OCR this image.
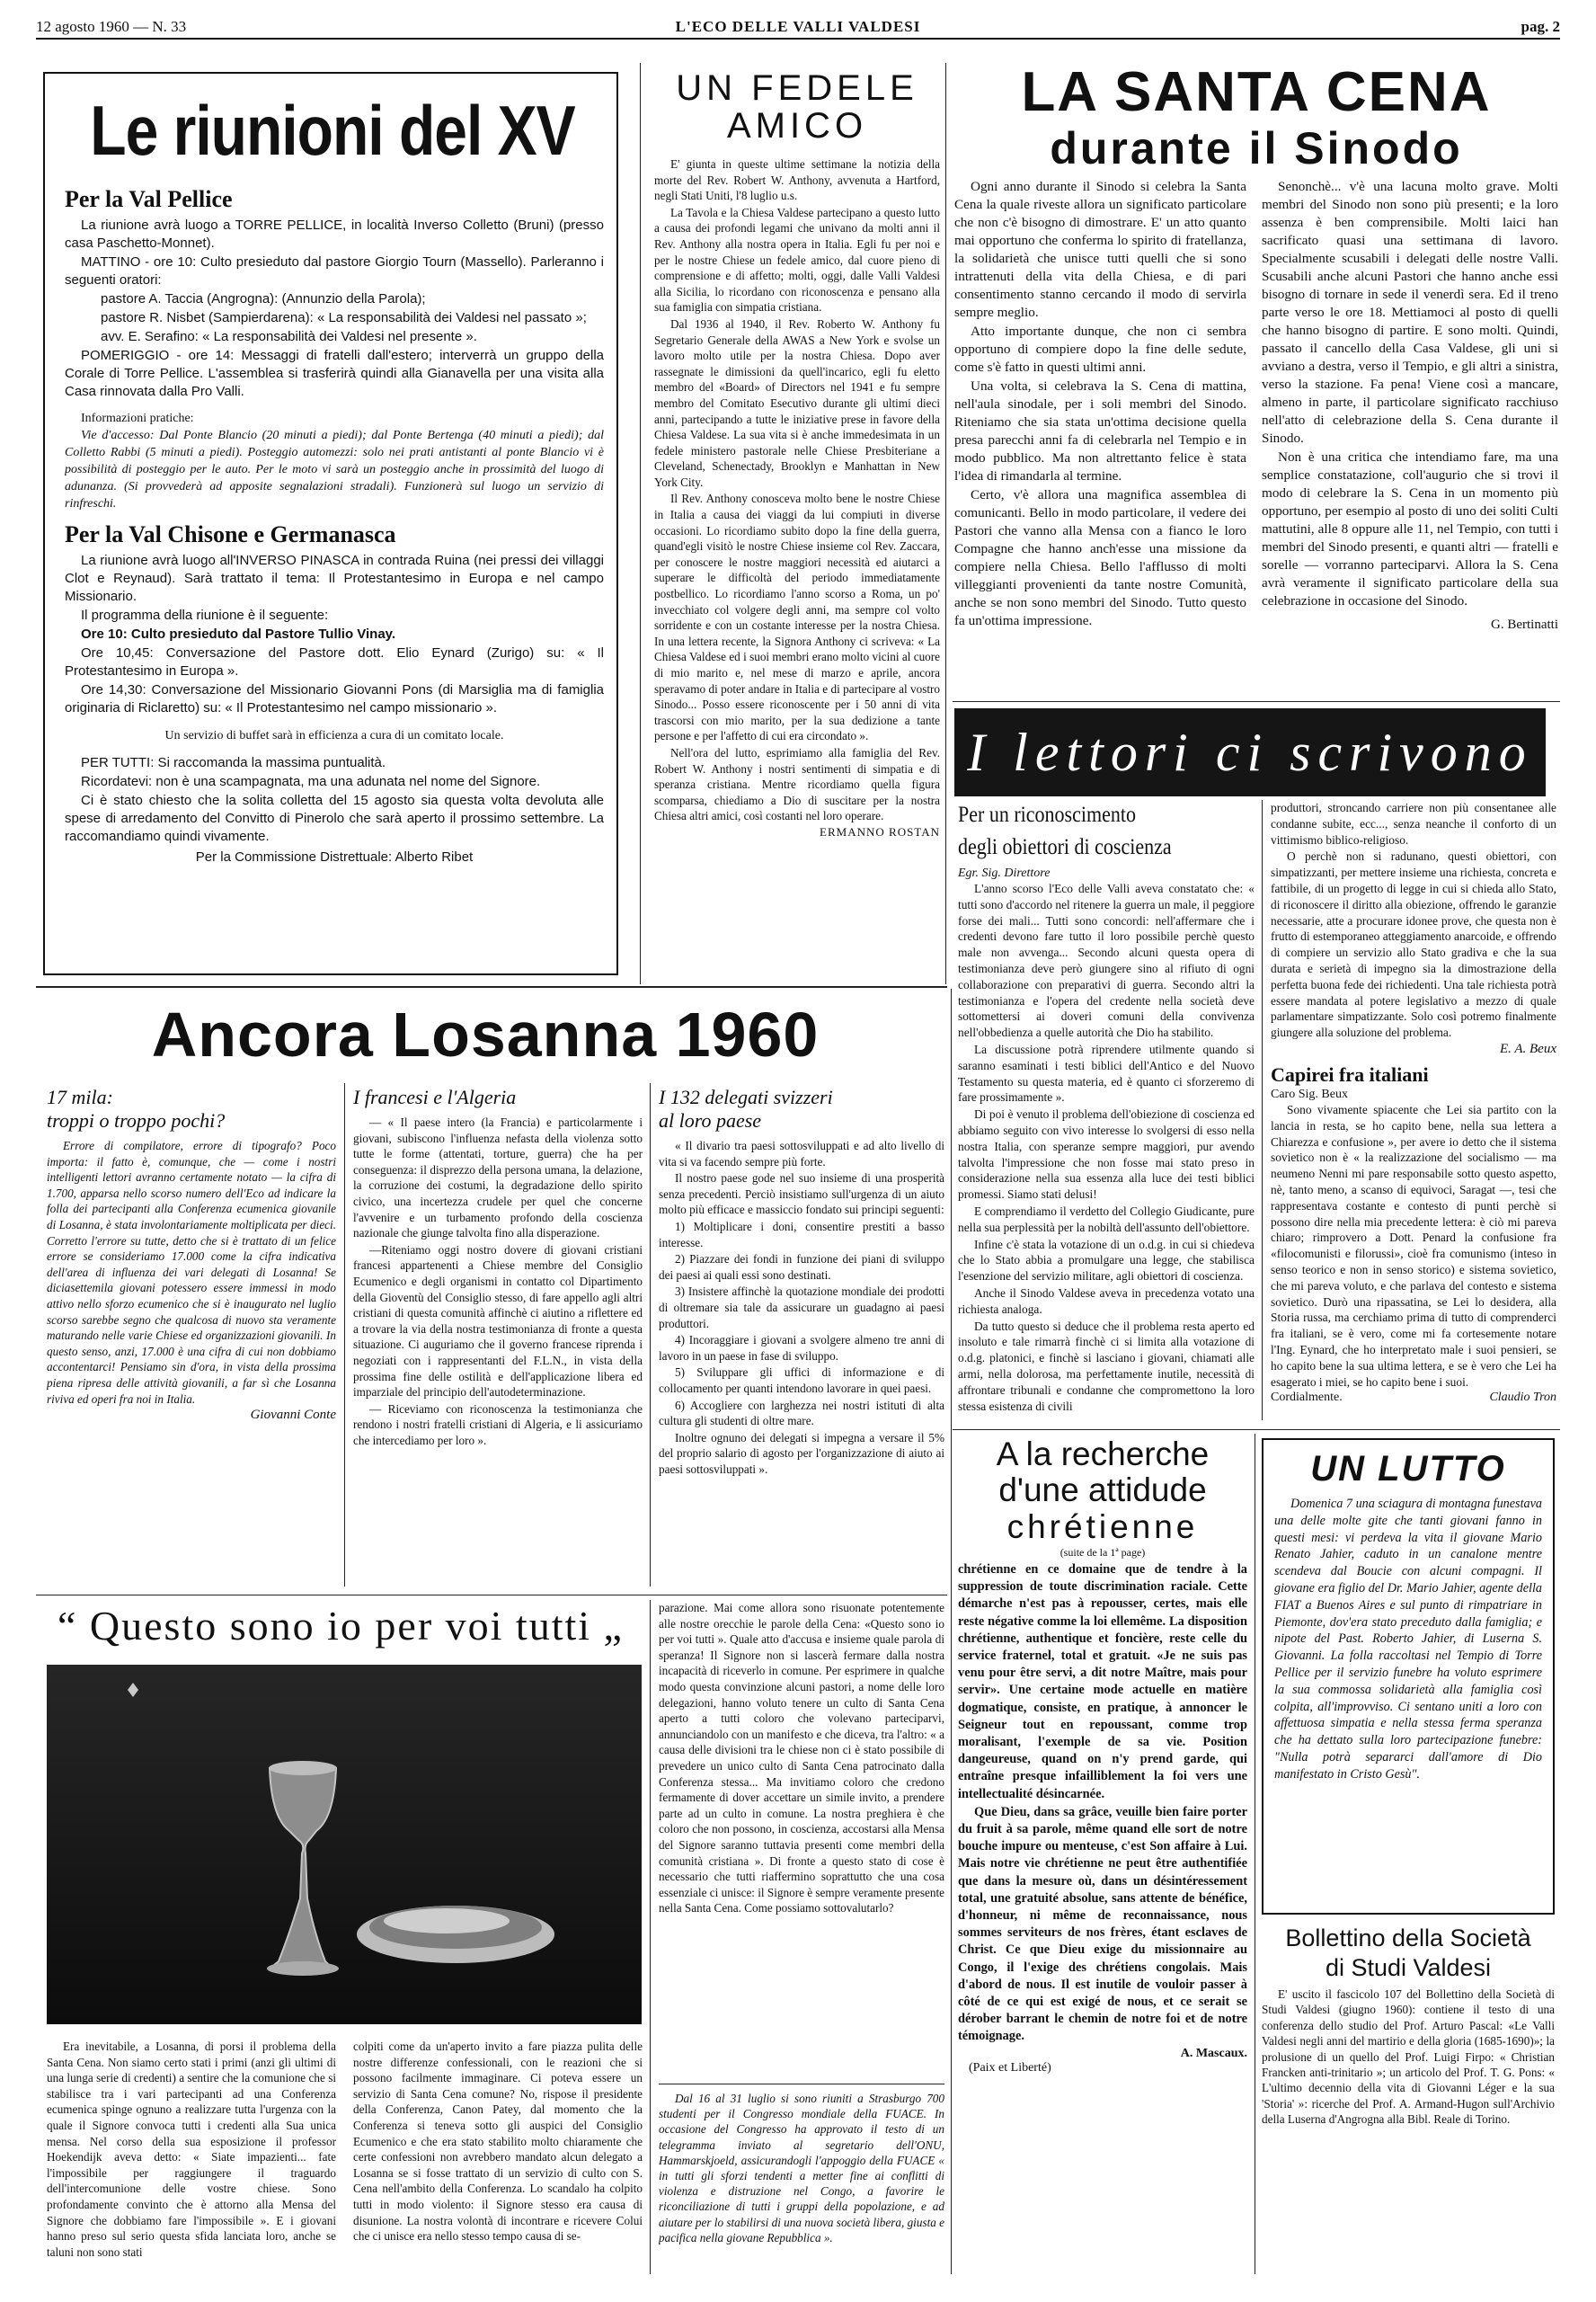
12 agosto 1960 — N. 33	L'ECO DELLE VALLI VALDESI	pag. 2
Le riunioni del XV
Per la Val Pellice

La riunione avrà luogo a TORRE PELLICE, in località Inverso Colletto (Bruni) (presso casa Paschetto-Monnet).

MATTINO - ore 10: Culto presieduto dal pastore Giorgio Tourn (Massello). Parleranno i seguenti oratori:

pastore A. Taccia (Angrogna): (Annunzio della Parola);

pastore R. Nisbet (Sampierdarena): « La responsabilità dei Valdesi nel passato »;

avv. E. Serafino: « La responsabilità dei Valdesi nel presente ».

POMERIGGIO - ore 14: Messaggi di fratelli dall'estero; interverrà un gruppo della Corale di Torre Pellice. L'assemblea si trasferirà quindi alla Gianavella per una visita alla Casa rinnovata dalla Pro Valli.

Informazioni pratiche:

Vie d'accesso: Dal Ponte Blancio (20 minuti a piedi); dal Ponte Bertenga (40 minuti a piedi); dal Colletto Rabbi (5 minuti a piedi). Posteggio automezzi: solo nei prati antistanti al ponte Blancio vi è possibilità di posteggio per le auto. Per le moto vi sarà un posteggio anche in prossimità del luogo di adunanza. (Si provvederà ad apposite segnalazioni stradali). Funzionerà sul luogo un servizio di rinfreschi.

Per la Val Chisone e Germanasca

La riunione avrà luogo all'INVERSO PINASCA in contrada Ruina (nei pressi dei villaggi Clot e Reynaud). Sarà trattato il tema: Il Protestantesimo in Europa e nel campo Missionario.

Il programma della riunione è il seguente:

Ore 10: Culto presieduto dal Pastore Tullio Vinay.

Ore 10,45: Conversazione del Pastore dott. Elio Eynard (Zurigo) su: « Il Protestantesimo in Europa ».

Ore 14,30: Conversazione del Missionario Giovanni Pons (di Marsiglia ma di famiglia originaria di Riclaretto) su: « Il Protestantesimo nel campo missionario ».

Un servizio di buffet sarà in efficienza a cura di un comitato locale.

PER TUTTI: Si raccomanda la massima puntualità.

Ricordatevi: non è una scampagnata, ma una adunata nel nome del Signore.

Ci è stato chiesto che la solita colletta del 15 agosto sia questa volta devoluta alle spese di arredamento del Convitto di Pinerolo che sarà aperto il prossimo settembre. La raccomandiamo quindi vivamente.

Per la Commissione Distrettuale: Alberto Ribet
UN FEDELE
AMICO

E' giunta in queste ultime settimane la notizia della morte del Rev. Robert W. Anthony, avvenuta a Hartford, negli Stati Uniti, l'8 luglio u.s.

La Tavola e la Chiesa Valdese partecipano a questo lutto a causa dei profondi legami che univano da molti anni il Rev. Anthony alla nostra opera in Italia. Egli fu per noi e per le nostre Chiese un fedele amico, dal cuore pieno di comprensione e di affetto; molti, oggi, dalle Valli Valdesi alla Sicilia, lo ricordano con riconoscenza e pensano alla sua famiglia con simpatia cristiana.

Dal 1936 al 1940, il Rev. Roberto W. Anthony fu Segretario Generale della AWAS a New York e svolse un lavoro molto utile per la nostra Chiesa. Dopo aver rassegnate le dimissioni da quell'incarico, egli fu eletto membro del «Board» of Directors nel 1941 e fu sempre membro del Comitato Esecutivo durante gli ultimi dieci anni, partecipando a tutte le iniziative prese in favore della Chiesa Valdese. La sua vita si è anche immedesimata in un fedele ministero pastorale nelle Chiese Presbiteriane a Cleveland, Schenectady, Brooklyn e Manhattan in New York City.

Il Rev. Anthony conosceva molto bene le nostre Chiese in Italia a causa dei viaggi da lui compiuti in diverse occasioni. Lo ricordiamo subito dopo la fine della guerra, quand'egli visitò le nostre Chiese insieme col Rev. Zaccara, per conoscere le nostre maggiori necessità ed aiutarci a superare le difficoltà del periodo immediatamente postbellico. Lo ricordiamo l'anno scorso a Roma, un po' invecchiato col volgere degli anni, ma sempre col volto sorridente e con un costante interesse per la nostra Chiesa. In una lettera recente, la Signora Anthony ci scriveva: « La Chiesa Valdese ed i suoi membri erano molto vicini al cuore di mio marito e, nel mese di marzo e aprile, ancora speravamo di poter andare in Italia e di partecipare al vostro Sinodo... Posso essere riconoscente per i 50 anni di vita trascorsi con mio marito, per la sua dedizione a tante persone e per l'affetto di cui era circondato ».

Nell'ora del lutto, esprimiamo alla famiglia del Rev. Robert W. Anthony i nostri sentimenti di simpatia e di speranza cristiana. Mentre ricordiamo quella figura scomparsa, chiediamo a Dio di suscitare per la nostra Chiesa altri amici, così costanti nel loro operare.

ERMANNO ROSTAN
LA SANTA CENA
durante il Sinodo

Ogni anno durante il Sinodo si celebra la Santa Cena la quale riveste allora un significato particolare che non c'è bisogno di dimostrare. E' un atto quanto mai opportuno che conferma lo spirito di fratellanza, la solidarietà che unisce tutti quelli che si sono intrattenuti della vita della Chiesa, e di pari consentimento stanno cercando il modo di servirla sempre meglio.

Atto importante dunque, che non ci sembra opportuno di compiere dopo la fine delle sedute, come s'è fatto in questi ultimi anni.

Una volta, si celebrava la S. Cena di mattina, nell'aula sinodale, per i soli membri del Sinodo. Riteniamo che sia stata un'ottima decisione quella presa parecchi anni fa di celebrarla nel Tempio e in modo pubblico. Ma non altrettanto felice è stata l'idea di rimandarla al termine.

Certo, v'è allora una magnifica assemblea di comunicanti. Bello in modo particolare, il vedere dei Pastori che vanno alla Mensa con a fianco le loro Compagne che hanno anch'esse una missione da compiere nella Chiesa. Bello l'afflusso di molti villeggianti provenienti da tante nostre Comunità, anche se non sono membri del Sinodo. Tutto questo fa un'ottima impressione.

Senonchè... v'è una lacuna molto grave. Molti membri del Sinodo non sono più presenti; e la loro assenza è ben comprensibile. Molti laici han sacrificato quasi una settimana di lavoro. Specialmente scusabili i delegati delle nostre Valli. Scusabili anche alcuni Pastori che hanno anche essi bisogno di tornare in sede il venerdì sera. Ed il treno parte verso le ore 18. Mettiamoci al posto di quelli che hanno bisogno di partire. E sono molti. Quindi, passato il cancello della Casa Valdese, gli uni si avviano a destra, verso il Tempio, e gli altri a sinistra, verso la stazione. Fa pena! Viene così a mancare, almeno in parte, il particolare significato racchiuso nell'atto di celebrazione della S. Cena durante il Sinodo.

Non è una critica che intendiamo fare, ma una semplice constatazione, coll'augurio che si trovi il modo di celebrare la S. Cena in un momento più opportuno, per esempio al posto di uno dei soliti Culti mattutini, alle 8 oppure alle 11, nel Tempio, con tutti i membri del Sinodo presenti, e quanti altri — fratelli e sorelle — vorranno parteciparvi. Allora la S. Cena avrà veramente il significato particolare della sua celebrazione in occasione del Sinodo.

G. Bertinatti
I lettori ci scrivono
Per un riconoscimento
degli obiettori di coscienza
Egr. Sig. Direttore

L'anno scorso l'Eco delle Valli aveva constatato che: « tutti sono d'accordo nel ritenere la guerra un male, il peggiore forse dei mali... Tutti sono concordi: nell'affermare che i credenti devono fare tutto il loro possibile perchè questo male non avvenga... Secondo alcuni questa opera di testimonianza deve però giungere sino al rifiuto di ogni collaborazione con preparativi di guerra. Secondo altri la testimonianza e l'opera del credente nella società deve sottomettersi ai doveri comuni della convivenza nell'obbedienza a quelle autorità che Dio ha stabilito.

La discussione potrà riprendere utilmente quando si saranno esaminati i testi biblici dell'Antico e del Nuovo Testamento su questa materia, ed è quanto ci sforzeremo di fare prossimamente ».

Di poi è venuto il problema dell'obiezione di coscienza ed abbiamo seguito con vivo interesse lo svolgersi di esso nella nostra Italia, con speranze sempre maggiori, pur avendo talvolta l'impressione che non fosse mai stato preso in considerazione nella sua essenza alla luce dei testi biblici promessi. Siamo stati delusi!

E comprendiamo il verdetto del Collegio Giudicante, pure nella sua perplessità per la nobiltà dell'assunto dell'obiettore.

Infine c'è stata la votazione di un o.d.g. in cui si chiedeva che lo Stato abbia a promulgare una legge, che stabilisca l'esenzione del servizio militare, agli obiettori di coscienza.

Anche il Sinodo Valdese aveva in precedenza votato una richiesta analoga.

Da tutto questo si deduce che il problema resta aperto ed insoluto e tale rimarrà finchè ci si limita alla votazione di o.d.g. platonici, e finchè si lasciano i giovani, chiamati alle armi, nella dolorosa, ma perfettamente inutile, necessità di affrontare tribunali e condanne che compromettono la loro stessa esistenza di civili

produttori, stroncando carriere non più consentanee alle condanne subite, ecc..., senza neanche il conforto di un vittimismo biblico-religioso.

O perchè non si radunano, questi obiettori, con simpatizzanti, per mettere insieme una richiesta, concreta e fattibile, di un progetto di legge in cui si chieda allo Stato, di riconoscere il diritto alla obiezione, offrendo le garanzie necessarie, atte a procurare idonee prove, che questa non è frutto di estemporaneo atteggiamento anarcoide, e offrendo di compiere un servizio allo Stato gradiva e che la sua durata e serietà di impegno sia la dimostrazione della perfetta buona fede dei richiedenti. Una tale richiesta potrà essere mandata al potere legislativo a mezzo di quale parlamentare simpatizzante. Solo così potremo finalmente giungere alla soluzione del problema.

E. A. Beux
Capirei fra italiani
Caro Sig. Beux

Sono vivamente spiacente che Lei sia partito con la lancia in resta, se ho capito bene, nella sua lettera a Chiarezza e confusione », per avere io detto che il sistema sovietico non è « la realizzazione del socialismo — ma neumeno Nenni mi pare responsabile sotto questo aspetto, nè, tanto meno, a scanso di equivoci, Saragat —, tesi che rappresentava costante e contesto di punti perchè si possono dire nella mia precedente lettera: è ciò mi pareva chiaro; rimprovero a Dott. Penard la confusione fra «filocomunisti e filorussi», cioè fra comunismo (inteso in senso teorico e non in senso storico) e sistema sovietico, che mi pareva voluto, e che parlava del contesto e sistema sovietico. Durò una ripassatina, se Lei lo desidera, alla Storia russa, ma cerchiamo prima di tutto di comprenderci fra italiani, se è vero, come mi fa cortesemente notare l'Ing. Eynard, che ho interpretato male i suoi pensieri, se ho capito bene la sua ultima lettera, e se è vero che Lei ha esagerato i miei, se ho capito bene i suoi.

Cordialmente.	Claudio Tron
Ancora Losanna 1960
17 mila:
troppi o troppo pochi?

Errore di compilatore, errore di tipografo? Poco importa: il fatto è, comunque, che — come i nostri intelligenti lettori avranno certamente notato — la cifra di 1.700, apparsa nello scorso numero dell'Eco ad indicare la folla dei partecipanti alla Conferenza ecumenica giovanile di Losanna, è stata involontariamente moltiplicata per dieci. Corretto l'errore su tutte, detto che si è trattato di un felice errore se consideriamo 17.000 come la cifra indicativa dell'area di influenza dei vari delegati di Losanna! Se diciasettemila giovani potessero essere immessi in modo attivo nello sforzo ecumenico che si è inaugurato nel luglio scorso sarebbe segno che qualcosa di nuovo sta veramente maturando nelle varie Chiese ed organizzazioni giovanili. In questo senso, anzi, 17.000 è una cifra di cui non dobbiamo accontentarci! Pensiamo sin d'ora, in vista della prossima piena ripresa delle attività giovanili, a far sì che Losanna riviva ed operi fra noi in Italia.

Giovanni Conte
I francesi e l'Algeria

— « Il paese intero (la Francia) e particolarmente i giovani, subiscono l'influenza nefasta della violenza sotto tutte le forme (attentati, torture, guerra) che ha per conseguenza: il disprezzo della persona umana, la delazione, la corruzione dei costumi, la degradazione dello spirito civico, una incertezza crudele per quel che concerne l'avvenire e un turbamento profondo della coscienza nazionale che giunge talvolta fino alla disperazione.

—Riteniamo oggi nostro dovere di giovani cristiani francesi appartenenti a Chiese membre del Consiglio Ecumenico e degli organismi in contatto col Dipartimento della Gioventù del Consiglio stesso, di fare appello agli altri cristiani di questa comunità affinchè ci aiutino a riflettere ed a trovare la via della nostra testimonianza di fronte a questa situazione. Ci auguriamo che il governo francese riprenda i negoziati con i rappresentanti del F.L.N., in vista della prossima fine delle ostilità e dell'applicazione libera ed imparziale del principio dell'autodeterminazione.

— Riceviamo con riconoscenza la testimonianza che rendono i nostri fratelli cristiani di Algeria, e li assicuriamo che intercediamo per loro ».

I 132 delegati svizzeri
al loro paese

« Il divario tra paesi sottosviluppati e ad alto livello di vita si va facendo sempre più forte.

Il nostro paese gode nel suo insieme di una prosperità senza precedenti. Perciò insistiamo sull'urgenza di un aiuto molto più efficace e massiccio fondato sui principi seguenti:

1) Moltiplicare i doni, consentire prestiti a basso interesse.

2) Piazzare dei fondi in funzione dei piani di sviluppo dei paesi ai quali essi sono destinati.

3) Insistere affinchè la quotazione mondiale dei prodotti di oltremare sia tale da assicurare un guadagno ai paesi produttori.

4) Incoraggiare i giovani a svolgere almeno tre anni di lavoro in un paese in fase di sviluppo.

5) Sviluppare gli uffici di informazione e di collocamento per quanti intendono lavorare in quei paesi.

6) Accogliere con larghezza nei nostri istituti di alta cultura gli studenti di oltre mare.

Inoltre ognuno dei delegati si impegna a versare il 5% del proprio salario di agosto per l'organizzazione di aiuto ai paesi sottosviluppati ».

“ Questo sono io per voi tutti „

Era inevitabile, a Losanna, di porsi il problema della Santa Cena. Non siamo certo stati i primi (anzi gli ultimi di una lunga serie di credenti) a sentire che la comunione che si stabilisce tra i vari partecipanti ad una Conferenza ecumenica spinge ognuno a realizzare tutta l'urgenza con la quale il Signore convoca tutti i credenti alla Sua unica mensa. Nel corso della sua esposizione il professor Hoekendijk aveva detto: « Siate impazienti... fate l'impossibile per raggiungere il traguardo dell'intercomunione delle vostre chiese. Sono profondamente convinto che è attorno alla Mensa del Signore che dobbiamo fare l'impossibile ». E i giovani hanno preso sul serio questa sfida lanciata loro, anche se taluni non sono stati

colpiti come da un'aperto invito a fare piazza pulita delle nostre differenze confessionali, con le reazioni che si possono facilmente immaginare. Ci poteva essere un servizio di Santa Cena comune? No, rispose il presidente della Conferenza, Canon Patey, dal momento che la Conferenza si teneva sotto gli auspici del Consiglio Ecumenico e che era stato stabilito molto chiaramente che certe confessioni non avrebbero mandato alcun delegato a Losanna se si fosse trattato di un servizio di culto con S. Cena nell'ambito della Conferenza. Lo scandalo ha colpito tutti in modo violento: il Signore stesso era causa di disunione. La nostra volontà di incontrare e ricevere Colui che ci unisce era nello stesso tempo causa di se-

parazione. Mai come allora sono risuonate potentemente alle nostre orecchie le parole della Cena: «Questo sono io per voi tutti ». Quale atto d'accusa e insieme quale parola di speranza! Il Signore non si lascerà fermare dalla nostra incapacità di riceverlo in comune. Per esprimere in qualche modo questa convinzione alcuni pastori, a nome delle loro delegazioni, hanno voluto tenere un culto di Santa Cena aperto a tutti coloro che volevano parteciparvi, annunciandolo con un manifesto e che diceva, tra l'altro: « a causa delle divisioni tra le chiese non ci è stato possibile di prevedere un unico culto di Santa Cena patrocinato dalla Conferenza stessa... Ma invitiamo coloro che credono fermamente di dover accettare un simile invito, a prendere parte ad un culto in comune. La nostra preghiera è che coloro che non possono, in coscienza, accostarsi alla Mensa del Signore saranno tuttavia presenti come membri della comunità cristiana ». Di fronte a questo stato di cose è necessario che tutti riaffermino soprattutto che una cosa essenziale ci unisce: il Signore è sempre veramente presente nella Santa Cena. Come possiamo sottovalutarlo?

Dal 16 al 31 luglio si sono riuniti a Strasburgo 700 studenti per il Congresso mondiale della FUACE. In occasione del Congresso ha approvato il testo di un telegramma inviato al segretario dell'ONU, Hammarskjoeld, assicurandogli l'appoggio della FUACE « in tutti gli sforzi tendenti a metter fine ai conflitti di violenza e distruzione nel Congo, a favorire le riconciliazione di tutti i gruppi della popolazione, e ad aiutare per lo stabilirsi di una nuova società libera, giusta e pacifica nella giovane Repubblica ».

A la recherche
d'une attidude
chrétienne
(suite de la 1ª page)

chrétienne en ce domaine que de tendre à la suppression de toute discrimination raciale. Cette démarche n'est pas à repousser, certes, mais elle reste négative comme la loi ellemême. La disposition chrétienne, authentique et foncière, reste celle du service fraternel, total et gratuit. «Je ne suis pas venu pour être servi, a dit notre Maître, mais pour servir». Une certaine mode actuelle en matière dogmatique, consiste, en pratique, à annoncer le Seigneur tout en repoussant, comme trop moralisant, l'exemple de sa vie. Position dangeureuse, quand on n'y prend garde, qui entraîne presque infailliblement la foi vers une intellectualité désincarnée.

Que Dieu, dans sa grâce, veuille bien faire porter du fruit à sa parole, même quand elle sort de notre bouche impure ou menteuse, c'est Son affaire à Lui. Mais notre vie chrétienne ne peut être authentifiée que dans la mesure où, dans un désintéressement total, une gratuité absolue, sans attente de bénéfice, d'honneur, ni même de reconnaissance, nous sommes serviteurs de nos frères, étant esclaves de Christ. Ce que Dieu exige du missionnaire au Congo, il l'exige des chrétiens congolais. Mais d'abord de nous. Il est inutile de vouloir passer à côté de ce qui est exigé de nous, et ce serait se dérober barrant le chemin de notre foi et de notre témoignage.

A. Mascaux.
(Paix et Liberté)
UN LUTTO

Domenica 7 una sciagura di montagna funestava una delle molte gite che tanti giovani fanno in questi mesi: vi perdeva la vita il giovane Mario Renato Jahier, caduto in un canalone mentre scendeva dal Boucie con alcuni compagni. Il giovane era figlio del Dr. Mario Jahier, agente della FIAT a Buenos Aires e sul punto di rimpatriare in Piemonte, dov'era stato preceduto dalla famiglia; e nipote del Past. Roberto Jahier, di Luserna S. Giovanni. La folla raccoltasi nel Tempio di Torre Pellice per il servizio funebre ha voluto esprimere la sua commossa solidarietà alla famiglia così colpita, all'improvviso. Ci sentano uniti a loro con affettuosa simpatia e nella stessa ferma speranza che ha dettato sulla loro partecipazione funebre: "Nulla potrà separarci dall'amore di Dio manifestato in Cristo Gesù".

Bollettino della Società
di Studi Valdesi

E' uscito il fascicolo 107 del Bollettino della Società di Studi Valdesi (giugno 1960): contiene il testo di una conferenza dello studio del Prof. Arturo Pascal: «Le Valli Valdesi negli anni del martirio e della gloria (1685-1690)»; la prolusione di un quello del Prof. Luigi Firpo: « Christian Francken anti-trinitario »; un articolo del Prof. T. G. Pons: « L'ultimo decennio della vita di Giovanni Léger e la sua 'Storia' »: ricerche del Prof. A. Armand-Hugon sull'Archivio della Luserna d'Angrogna alla Bibl. Reale di Torino.
